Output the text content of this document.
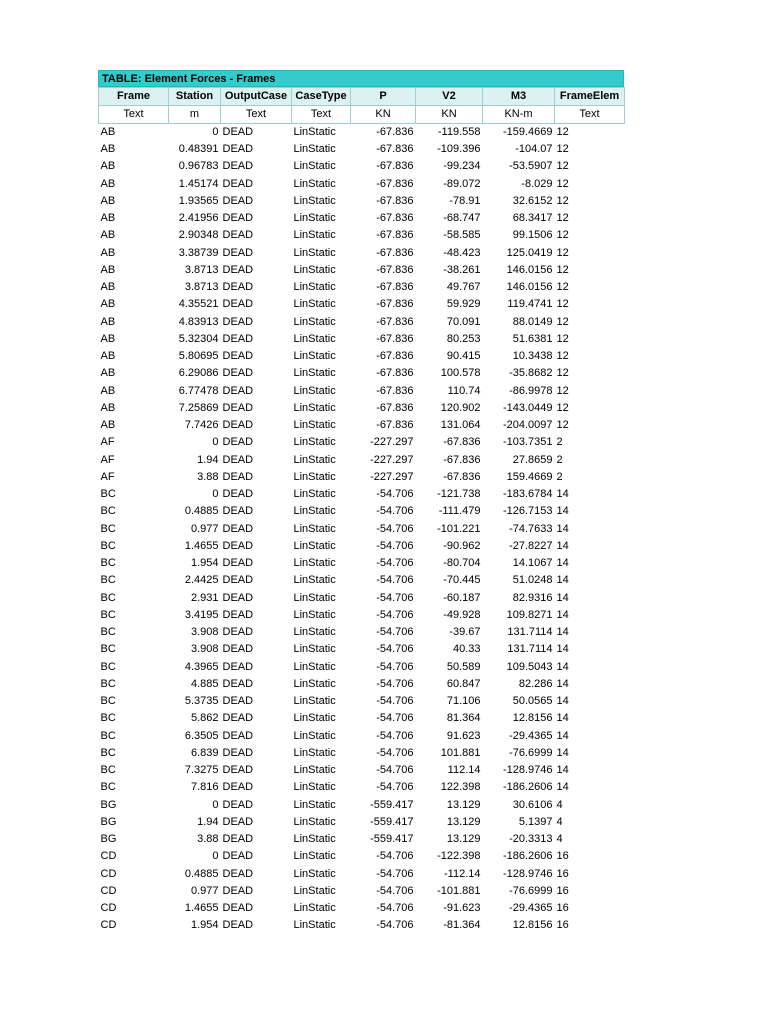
TABLE: Element Forces - Frames
Frame	Station	OutputCase	CaseType	P	V2	M3	FrameElem
Text	m	Text	Text	KN	KN	KN-m	Text
AB	0	DEAD	LinStatic	-67.836	-119.558	-159.4669	12
AB	0.48391	DEAD	LinStatic	-67.836	-109.396	-104.07	12
AB	0.96783	DEAD	LinStatic	-67.836	-99.234	-53.5907	12
AB	1.45174	DEAD	LinStatic	-67.836	-89.072	-8.029	12
AB	1.93565	DEAD	LinStatic	-67.836	-78.91	32.6152	12
AB	2.41956	DEAD	LinStatic	-67.836	-68.747	68.3417	12
AB	2.90348	DEAD	LinStatic	-67.836	-58.585	99.1506	12
AB	3.38739	DEAD	LinStatic	-67.836	-48.423	125.0419	12
AB	3.8713	DEAD	LinStatic	-67.836	-38.261	146.0156	12
AB	3.8713	DEAD	LinStatic	-67.836	49.767	146.0156	12
AB	4.35521	DEAD	LinStatic	-67.836	59.929	119.4741	12
AB	4.83913	DEAD	LinStatic	-67.836	70.091	88.0149	12
AB	5.32304	DEAD	LinStatic	-67.836	80.253	51.6381	12
AB	5.80695	DEAD	LinStatic	-67.836	90.415	10.3438	12
AB	6.29086	DEAD	LinStatic	-67.836	100.578	-35.8682	12
AB	6.77478	DEAD	LinStatic	-67.836	110.74	-86.9978	12
AB	7.25869	DEAD	LinStatic	-67.836	120.902	-143.0449	12
AB	7.7426	DEAD	LinStatic	-67.836	131.064	-204.0097	12
AF	0	DEAD	LinStatic	-227.297	-67.836	-103.7351	2
AF	1.94	DEAD	LinStatic	-227.297	-67.836	27.8659	2
AF	3.88	DEAD	LinStatic	-227.297	-67.836	159.4669	2
BC	0	DEAD	LinStatic	-54.706	-121.738	-183.6784	14
BC	0.4885	DEAD	LinStatic	-54.706	-111.479	-126.7153	14
BC	0.977	DEAD	LinStatic	-54.706	-101.221	-74.7633	14
BC	1.4655	DEAD	LinStatic	-54.706	-90.962	-27.8227	14
BC	1.954	DEAD	LinStatic	-54.706	-80.704	14.1067	14
BC	2.4425	DEAD	LinStatic	-54.706	-70.445	51.0248	14
BC	2.931	DEAD	LinStatic	-54.706	-60.187	82.9316	14
BC	3.4195	DEAD	LinStatic	-54.706	-49.928	109.8271	14
BC	3.908	DEAD	LinStatic	-54.706	-39.67	131.7114	14
BC	3.908	DEAD	LinStatic	-54.706	40.33	131.7114	14
BC	4.3965	DEAD	LinStatic	-54.706	50.589	109.5043	14
BC	4.885	DEAD	LinStatic	-54.706	60.847	82.286	14
BC	5.3735	DEAD	LinStatic	-54.706	71.106	50.0565	14
BC	5.862	DEAD	LinStatic	-54.706	81.364	12.8156	14
BC	6.3505	DEAD	LinStatic	-54.706	91.623	-29.4365	14
BC	6.839	DEAD	LinStatic	-54.706	101.881	-76.6999	14
BC	7.3275	DEAD	LinStatic	-54.706	112.14	-128.9746	14
BC	7.816	DEAD	LinStatic	-54.706	122.398	-186.2606	14
BG	0	DEAD	LinStatic	-559.417	13.129	30.6106	4
BG	1.94	DEAD	LinStatic	-559.417	13.129	5.1397	4
BG	3.88	DEAD	LinStatic	-559.417	13.129	-20.3313	4
CD	0	DEAD	LinStatic	-54.706	-122.398	-186.2606	16
CD	0.4885	DEAD	LinStatic	-54.706	-112.14	-128.9746	16
CD	0.977	DEAD	LinStatic	-54.706	-101.881	-76.6999	16
CD	1.4655	DEAD	LinStatic	-54.706	-91.623	-29.4365	16
CD	1.954	DEAD	LinStatic	-54.706	-81.364	12.8156	16
